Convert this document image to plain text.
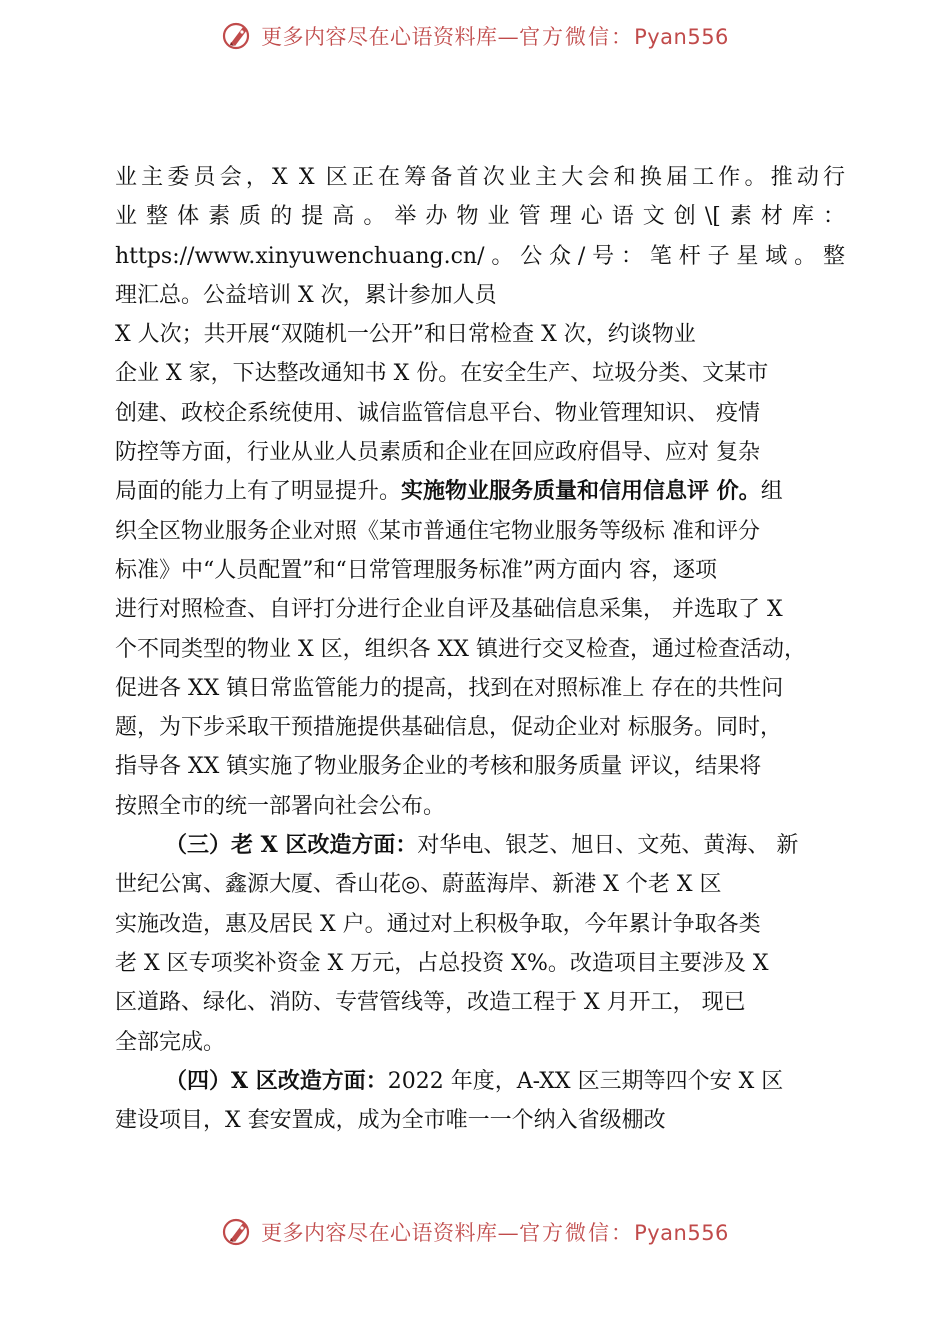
更多内容尽在心语资料库—官方微信：Pyan556
业主委员会，X X 区正在筹备首次业主大会和换届工作。推动行
业整体素质的提高。举办物业管理心语文创\[素材库：
https://www.xinyuwenchuang.cn/。公众/号：笔杆子星域。整
理汇总。公益培训 X 次，累计参加人员
X 人次；共开展“双随机一公开”和日常检查 X 次，约谈物业
企业 X 家，下达整改通知书 X 份。在安全生产、垃圾分类、文某市
创建、政校企系统使用、诚信监管信息平台、物业管理知识、 疫情
防控等方面，行业从业人员素质和企业在回应政府倡导、应对 复杂
局面的能力上有了明显提升。实施物业服务质量和信用信息评 价。组
织全区物业服务企业对照《某市普通住宅物业服务等级标 准和评分
标准》中“人员配置”和“日常管理服务标准”两方面内 容，逐项
进行对照检查、自评打分进行企业自评及基础信息采集， 并选取了 X
个不同类型的物业 X 区，组织各 XX 镇进行交叉检查，通过检查活动，
促进各 XX 镇日常监管能力的提高，找到在对照标准上 存在的共性问
题，为下步采取干预措施提供基础信息，促动企业对 标服务。同时，
指导各 XX 镇实施了物业服务企业的考核和服务质量 评议，结果将
按照全市的统一部署向社会公布。
（三）老 X 区改造方面：对华电、银芝、旭日、文苑、黄海、 新
世纪公寓、鑫源大厦、香山花◎、蔚蓝海岸、新港 X 个老 X 区
实施改造，惠及居民 X 户。通过对上积极争取，今年累计争取各类
老 X 区专项奖补资金 X 万元，占总投资 X%。改造项目主要涉及 X
区道路、绿化、消防、专营管线等，改造工程于 X 月开工， 现已
全部完成。
（四）X 区改造方面：2022 年度，A-XX 区三期等四个安 X 区
建设项目，X 套安置成，成为全市唯一一个纳入省级棚改
更多内容尽在心语资料库—官方微信：Pyan556
